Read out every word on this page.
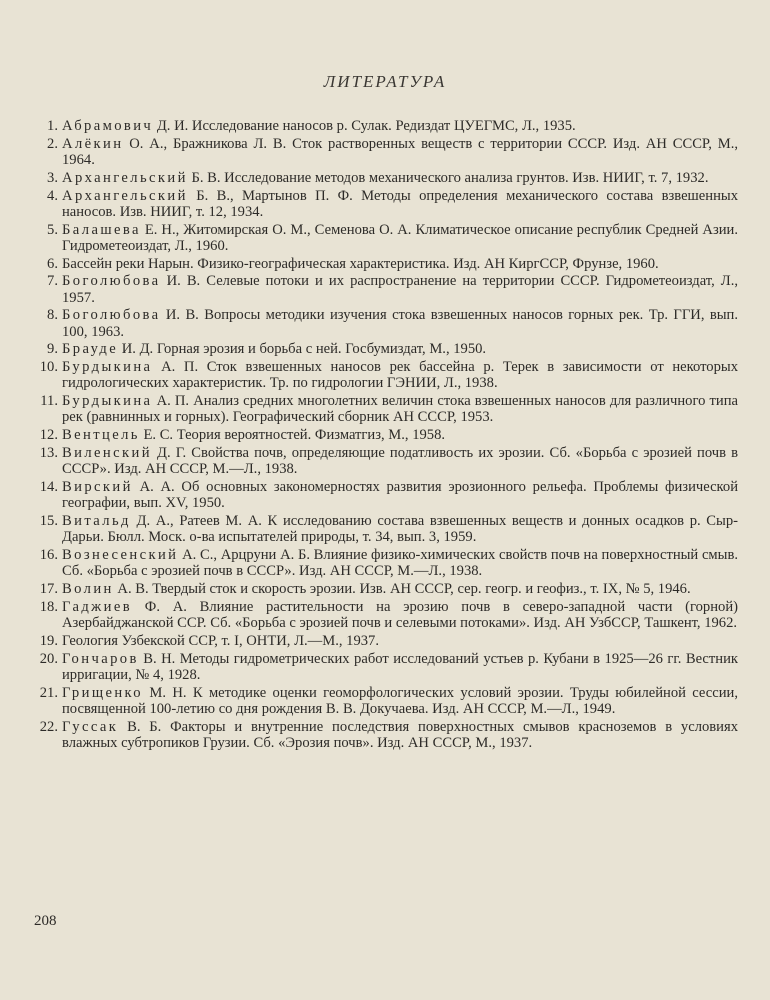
ЛИТЕРАТУРА
1. Абрамович Д. И. Исследование наносов р. Сулак. Редиздат ЦУЕГМС, Л., 1935.
2. Алёкин О. А., Бражникова Л. В. Сток растворенных веществ с территории СССР. Изд. АН СССР, М., 1964.
3. Архангельский Б. В. Исследование методов механического анализа грунтов. Изв. НИИГ, т. 7, 1932.
4. Архангельский Б. В., Мартынов П. Ф. Методы определения механического состава взвешенных наносов. Изв. НИИГ, т. 12, 1934.
5. Балашева Е. Н., Житомирская О. М., Семенова О. А. Климатическое описание республик Средней Азии. Гидрометеоиздат, Л., 1960.
6. Бассейн реки Нарын. Физико-географическая характеристика. Изд. АН КиргССР, Фрунзе, 1960.
7. Боголюбова И. В. Селевые потоки и их распространение на территории СССР. Гидрометеоиздат, Л., 1957.
8. Боголюбова И. В. Вопросы методики изучения стока взвешенных наносов горных рек. Тр. ГГИ, вып. 100, 1963.
9. Брауде И. Д. Горная эрозия и борьба с ней. Госбумиздат, М., 1950.
10. Бурдыкина А. П. Сток взвешенных наносов рек бассейна р. Терек в зависимости от некоторых гидрологических характеристик. Тр. по гидрологии ГЭНИИ, Л., 1938.
11. Бурдыкина А. П. Анализ средних многолетних величин стока взвешенных наносов для различного типа рек (равнинных и горных). Географический сборник АН СССР, 1953.
12. Вентцель Е. С. Теория вероятностей. Физматгиз, М., 1958.
13. Виленский Д. Г. Свойства почв, определяющие податливость их эрозии. Сб. «Борьба с эрозией почв в СССР». Изд. АН СССР, М.—Л., 1938.
14. Вирский А. А. Об основных закономерностях развития эрозионного рельефа. Проблемы физической географии, вып. XV, 1950.
15. Витальд Д. А., Ратеев М. А. К исследованию состава взвешенных веществ и донных осадков р. Сыр-Дарьи. Бюлл. Моск. о-ва испытателей природы, т. 34, вып. 3, 1959.
16. Вознесенский А. С., Арцруни А. Б. Влияние физико-химических свойств почв на поверхностный смыв. Сб. «Борьба с эрозией почв в СССР». Изд. АН СССР, М.—Л., 1938.
17. Волин А. В. Твердый сток и скорость эрозии. Изв. АН СССР, сер. геогр. и геофиз., т. IX, № 5, 1946.
18. Гаджиев Ф. А. Влияние растительности на эрозию почв в северо-западной части (горной) Азербайджанской ССР. Сб. «Борьба с эрозией почв и селевыми потоками». Изд. АН УзбССР, Ташкент, 1962.
19. Геология Узбекской ССР, т. I, ОНТИ, Л.—М., 1937.
20. Гончаров В. Н. Методы гидрометрических работ исследований устьев р. Кубани в 1925—26 гг. Вестник ирригации, № 4, 1928.
21. Грищенко М. Н. К методике оценки геоморфологических условий эрозии. Труды юбилейной сессии, посвященной 100-летию со дня рождения В. В. Докучаева. Изд. АН СССР, М.—Л., 1949.
22. Гуссак В. Б. Факторы и внутренние последствия поверхностных смывов красноземов в условиях влажных субтропиков Грузии. Сб. «Эрозия почв». Изд. АН СССР, М., 1937.
208
